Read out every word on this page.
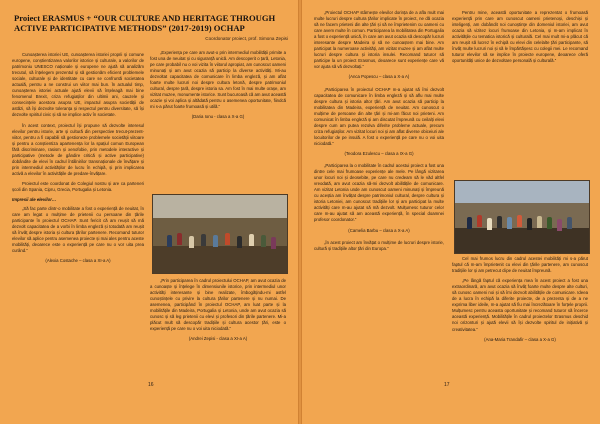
Proiect ERASMUS + “OUR CULTURE AND HERITAGE THROUGH ACTIVE PARTICIPATIVE METHODS” (2017-2019) OCHAP
Coordonator proiect, prof. Simona Zepisi

Cunoașterea istoriei UE, cunoașterea istoriei proprii și comune europene, conștientizarea valorilor istorice și culturale, a valorilor de patrimoniu UNESCO naționale și europene ne ajută să analizăm trecutul, să înțelegem prezentul și să gestionăm eficient problemele sociale, culturale și de identitate cu care se confruntă societatea actuală, pentru a ne construi un viitor mai bun. În actualul timp, cunoașterea istoriei actuale ajută elevii să înțeleagă mai bine fenomenul Brexit, criza refugiaților din ultimii ani, cauzele și consecințele acestora asupra UE, impactul asupra societății de astăzi, să își dezvolte toleranța și respectul pentru diversitate, să își dezvolte spiritul civic și să se implice activ în societate.

În acest context, proiectul își propune să dezvolte interesul elevilor pentru istorie, arte și cultură din perspective trecut-prezent-viitor, pentru a fi capabili să gestioneze problemele societății viitoare și pentru a conștientiza apartenența lor la spațiul comun European fără discriminare, rasism și xenofobie, prin metodele interactive și participative (metode de gândire critică și active participative) dobândite de elevi în cadrul întâlnirilor transnaționale de învățare și prin intermediul activităților de lucru în echipă, și prin implicarea activă a elevilor în activitățile de predare-învățare.

Proiectul este coordonat de Colegiul nostru și are ca parteneri școli din Spania, Cipru, Grecia, Portugalia și Letonia.

Impresii ale elevilor…

„Să fac parte dintr-o mobilitate a fost o experiență de neuitat, în care am legat o mulțime de prietenii cu persoane din țările participante în proiectul OCHAP. Sunt fericit că am reușit să mă dezvolt capacitatea de a vorbi în limba engleză și totodată am reușit să învăț despre istoria și cultura țărilor partenere. Recomand tuturor elevilor să aplice pentru asemenea proiecte și mai ales pentru aceste mobilități, deoarece este o experiență pe care nu o vor uita prea curând.”

(Alexia Costache – clasa a XI-a A)

„Experiența pe care am avut-o prin intermediul mobilității primite a fost una de neuitat și cu siguranță unică. Am descoperit o țară, Letonia, pe care probabil nu o voi vizita în viitorul apropiat, am cunoscut oameni minunați și am avut ocazia să particip la diverse activități. Mi-au dezvoltat capacitatea de comunicare în limba engleză, și am aflat foarte multe lucruri noi despre cultura letonă, despre patrimoniul cultural, despre țară, despre istoria sa. Am fost în mai multe orașe, am vizitat muzee, monumente istorice. Sunt bucuroasă că am avut această ocazie și voi aplica și altădată pentru o asemenea oportunitate, fiindcă mi s-a părut foarte frumoasă și utilă.”

(Daria Ionu - clasa a X-a G)

„Prin participarea în cadrul proiectului OCHAP, am avut ocazia de a cunoaște și înțelege în dimensiunile istorice, prin intermediul unor activități interesante și bine realizate, îmbogățindu-mi astfel cunoștințele cu privire la cultura țărilor partenere și nu numai. De asemenea, participând în proiectul OCHAP, am luat parte și la mobilitățile din Madeira, Portugalia și Letonia, unde am avut ocazia să cunosc și să leg prietenii cu elevi și profesori din țările partenere. Mi-a plăcut mult să descopăr tradițiile și cultura acestor țări, este o experiență pe care nu o voi uita niciodată.”

(Andrei Zepisi - clasa a XI-a A)

16

„Proiectul OCHAP stârnește elevilor dorința de a afla mult mai multe lucruri despre cultura țărilor implicate în proiect, ne dă ocazia să ne facem prieteni din alte țări și să ne împrietenim cu oameni cu care avem multe în comun. Participarea la mobilitatea din Portugalia a fost o experiență unică, în care am avut ocazia să descopăr lucruri interesante despre Madeira și să ne cunoaștem mai bine. Am participat la numeroase activități, am vizitat muzee și am aflat multe lucruri despre cultura și istoria insulei. Recomand tuturor să participe la un proiect Erasmus, deoarece sunt experiențe care vă vor ajuta să vă dezvoltați.”

(Anca Popescu – clasa a X-a A)

„Participarea în proiectul OCHAP m-a ajutat să îmi dezvolt capacitatea de comunicare în limba engleză și să aflu mai multe despre cultura și istoria altor țări. Am avut ocazia să particip la mobilitatea din Madeira, experiență de neuitat. Am cunoscut o mulțime de persoane din alte țări și mi-am făcut noi prieteni. Am comunicat în limba engleză și am discutat împreună cu ceilalți elevi despre cum am putea rezolva diferite probleme actuale, precum criza refugiaților. Am vizitat locuri noi și am aflat diverse obiceiuri ale locuitorilor de pe insulă. A fost o experiență pe care nu o voi uita niciodată.”

(Teodora Ezulescu – clasa a IX-a G)

„Participarea la o mobilitate în cadrul acestui proiect a fost una dintre cele mai frumoase experiențe ale mele. Pe lângă vizitarea unor locuri noi și deosebite, pe care nu credeam să le văd altfel vreodată, am avut ocazia să-mi dezvolt abilitățile de comunicare. Am vizitat Letonia unde am cunoscut oameni minunați și împreună cu aceștia am învățat despre patrimoniul cultural, despre cultura și istoria Letoniei, am cunoscut tradițiile lor și am participat la multe activități care m-au ajutat să mă dezvolt. Mulțumesc tuturor celor care m-au ajutat să am această experiență, în special doamnei profesor coordonator.”

(Camelia Barbu – clasa a X-a A)

„În acest proiect am învățat o mulțime de lucruri despre istorie, cultură și tradițiile altor țări din Europa.”

Pentru mine, această oportunitate a reprezentat o frumoasă experiență prin care am cunoscut oameni prietenoși, deschiși și inteligenți, am dobândit noi cunoștințe din domeniul istoriei, am avut ocazia să vizitez locuri frumoase din Letonia, și m-am implicat în activitățile cu tematica istorică și culturală. Cel mai mult mi-a plăcut că am reușit să lucrez în echipă cu elevi din celelalte țări participante, să învăț multe lucruri noi și să le împărtășesc cu colegii mei. Le recomand tuturor elevilor să se implice în proiecte europene, deoarece oferă oportunități unice de dezvoltare personală și culturală.”

Cel mai frumos lucru din cadrul acestei mobilități mi s-a părut faptul că m-am împrietenit cu elevi din țările partenere, am cunoscut tradițiile lor și am petrecut clipe de neuitat împreună.

„Pe lângă faptul că experiența mea în acest proiect a fost una extraordinară, am avut ocazia să învăț foarte multe despre alte culturi, să cunosc oameni noi și să îmi dezvolt abilitățile de comunicare. Ideea de a lucra în echipă la diferite proiecte, de a prezenta și de a ne exprima liber ideile, m-a ajutat să fiu mai încrezătoare în forțele proprii. Mulțumesc pentru aceasta oportunitate și recomand tuturor să încerce această experiență. Mobilitățile în cadrul proiectelor Erasmus deschid noi orizonturi și ajută elevii să își dezvolte spiritul de inițiativă și creativitatea.”

(Ana-Maria Trandafir – clasa a X-a G)

17
